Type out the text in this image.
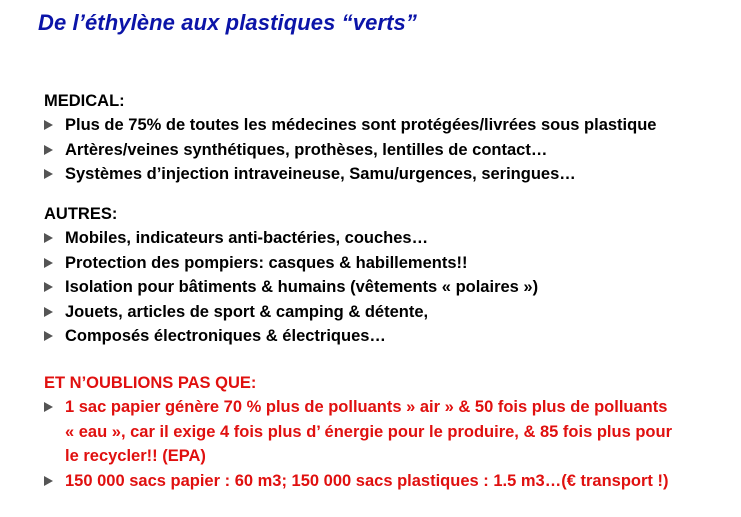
De l’éthylène aux plastiques “verts”
MEDICAL:
Plus de 75% de toutes les médecines sont protégées/livrées sous plastique
Artères/veines synthétiques, prothèses, lentilles de contact…
Systèmes d’injection intraveineuse, Samu/urgences, seringues…
AUTRES:
Mobiles, indicateurs anti-bactéries, couches…
Protection des pompiers: casques & habillements!!
Isolation pour bâtiments & humains (vêtements « polaires »)
Jouets, articles de sport & camping & détente,
Composés électroniques & électriques…
ET N’OUBLIONS PAS QUE:
1 sac papier génère 70 % plus de polluants » air » & 50 fois plus de polluants
« eau », car il exige 4 fois plus d’ énergie pour le produire, & 85 fois plus pour
le recycler!! (EPA)
150 000 sacs papier : 60 m3; 150 000 sacs plastiques : 1.5 m3…(€ transport !)
